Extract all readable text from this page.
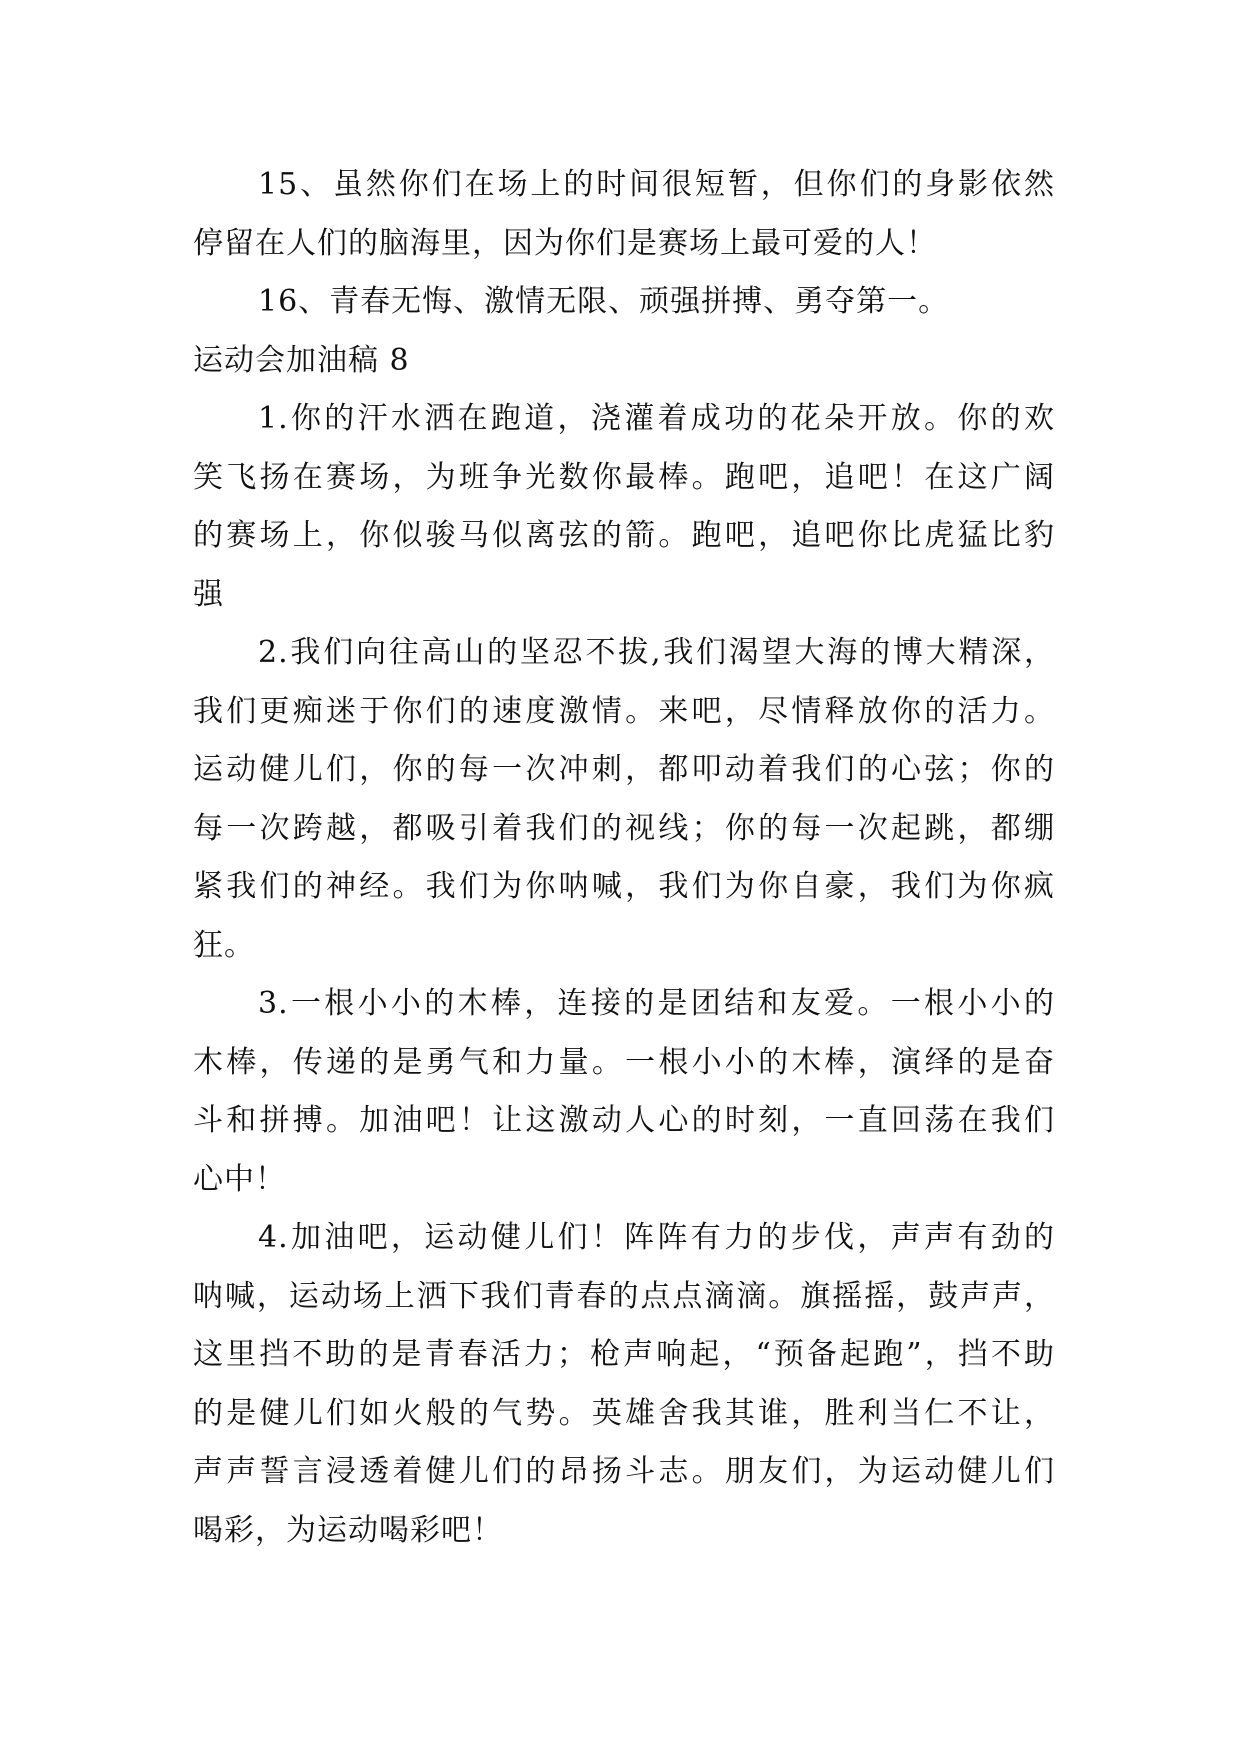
15、虽然你们在场上的时间很短暂，但你们的身影依然
停留在人们的脑海里，因为你们是赛场上最可爱的人！
16、青春无悔、激情无限、顽强拼搏、勇夺第一。
运动会加油稿 8
1.你的汗水洒在跑道，浇灌着成功的花朵开放。你的欢
笑飞扬在赛场，为班争光数你最棒。跑吧，追吧！在这广阔
的赛场上，你似骏马似离弦的箭。跑吧，追吧你比虎猛比豹
强
2.我们向往高山的坚忍不拔,我们渴望大海的博大精深，
我们更痴迷于你们的速度激情。来吧，尽情释放你的活力。
运动健儿们，你的每一次冲刺，都叩动着我们的心弦；你的
每一次跨越，都吸引着我们的视线；你的每一次起跳，都绷
紧我们的神经。我们为你呐喊，我们为你自豪，我们为你疯
狂。
3.一根小小的木棒，连接的是团结和友爱。一根小小的
木棒，传递的是勇气和力量。一根小小的木棒，演绎的是奋
斗和拼搏。加油吧！让这激动人心的时刻，一直回荡在我们
心中！
4.加油吧，运动健儿们！阵阵有力的步伐，声声有劲的
呐喊，运动场上洒下我们青春的点点滴滴。旗摇摇，鼓声声，
这里挡不助的是青春活力；枪声响起，“预备起跑”，挡不助
的是健儿们如火般的气势。英雄舍我其谁，胜利当仁不让，
声声誓言浸透着健儿们的昂扬斗志。朋友们，为运动健儿们
喝彩，为运动喝彩吧！
